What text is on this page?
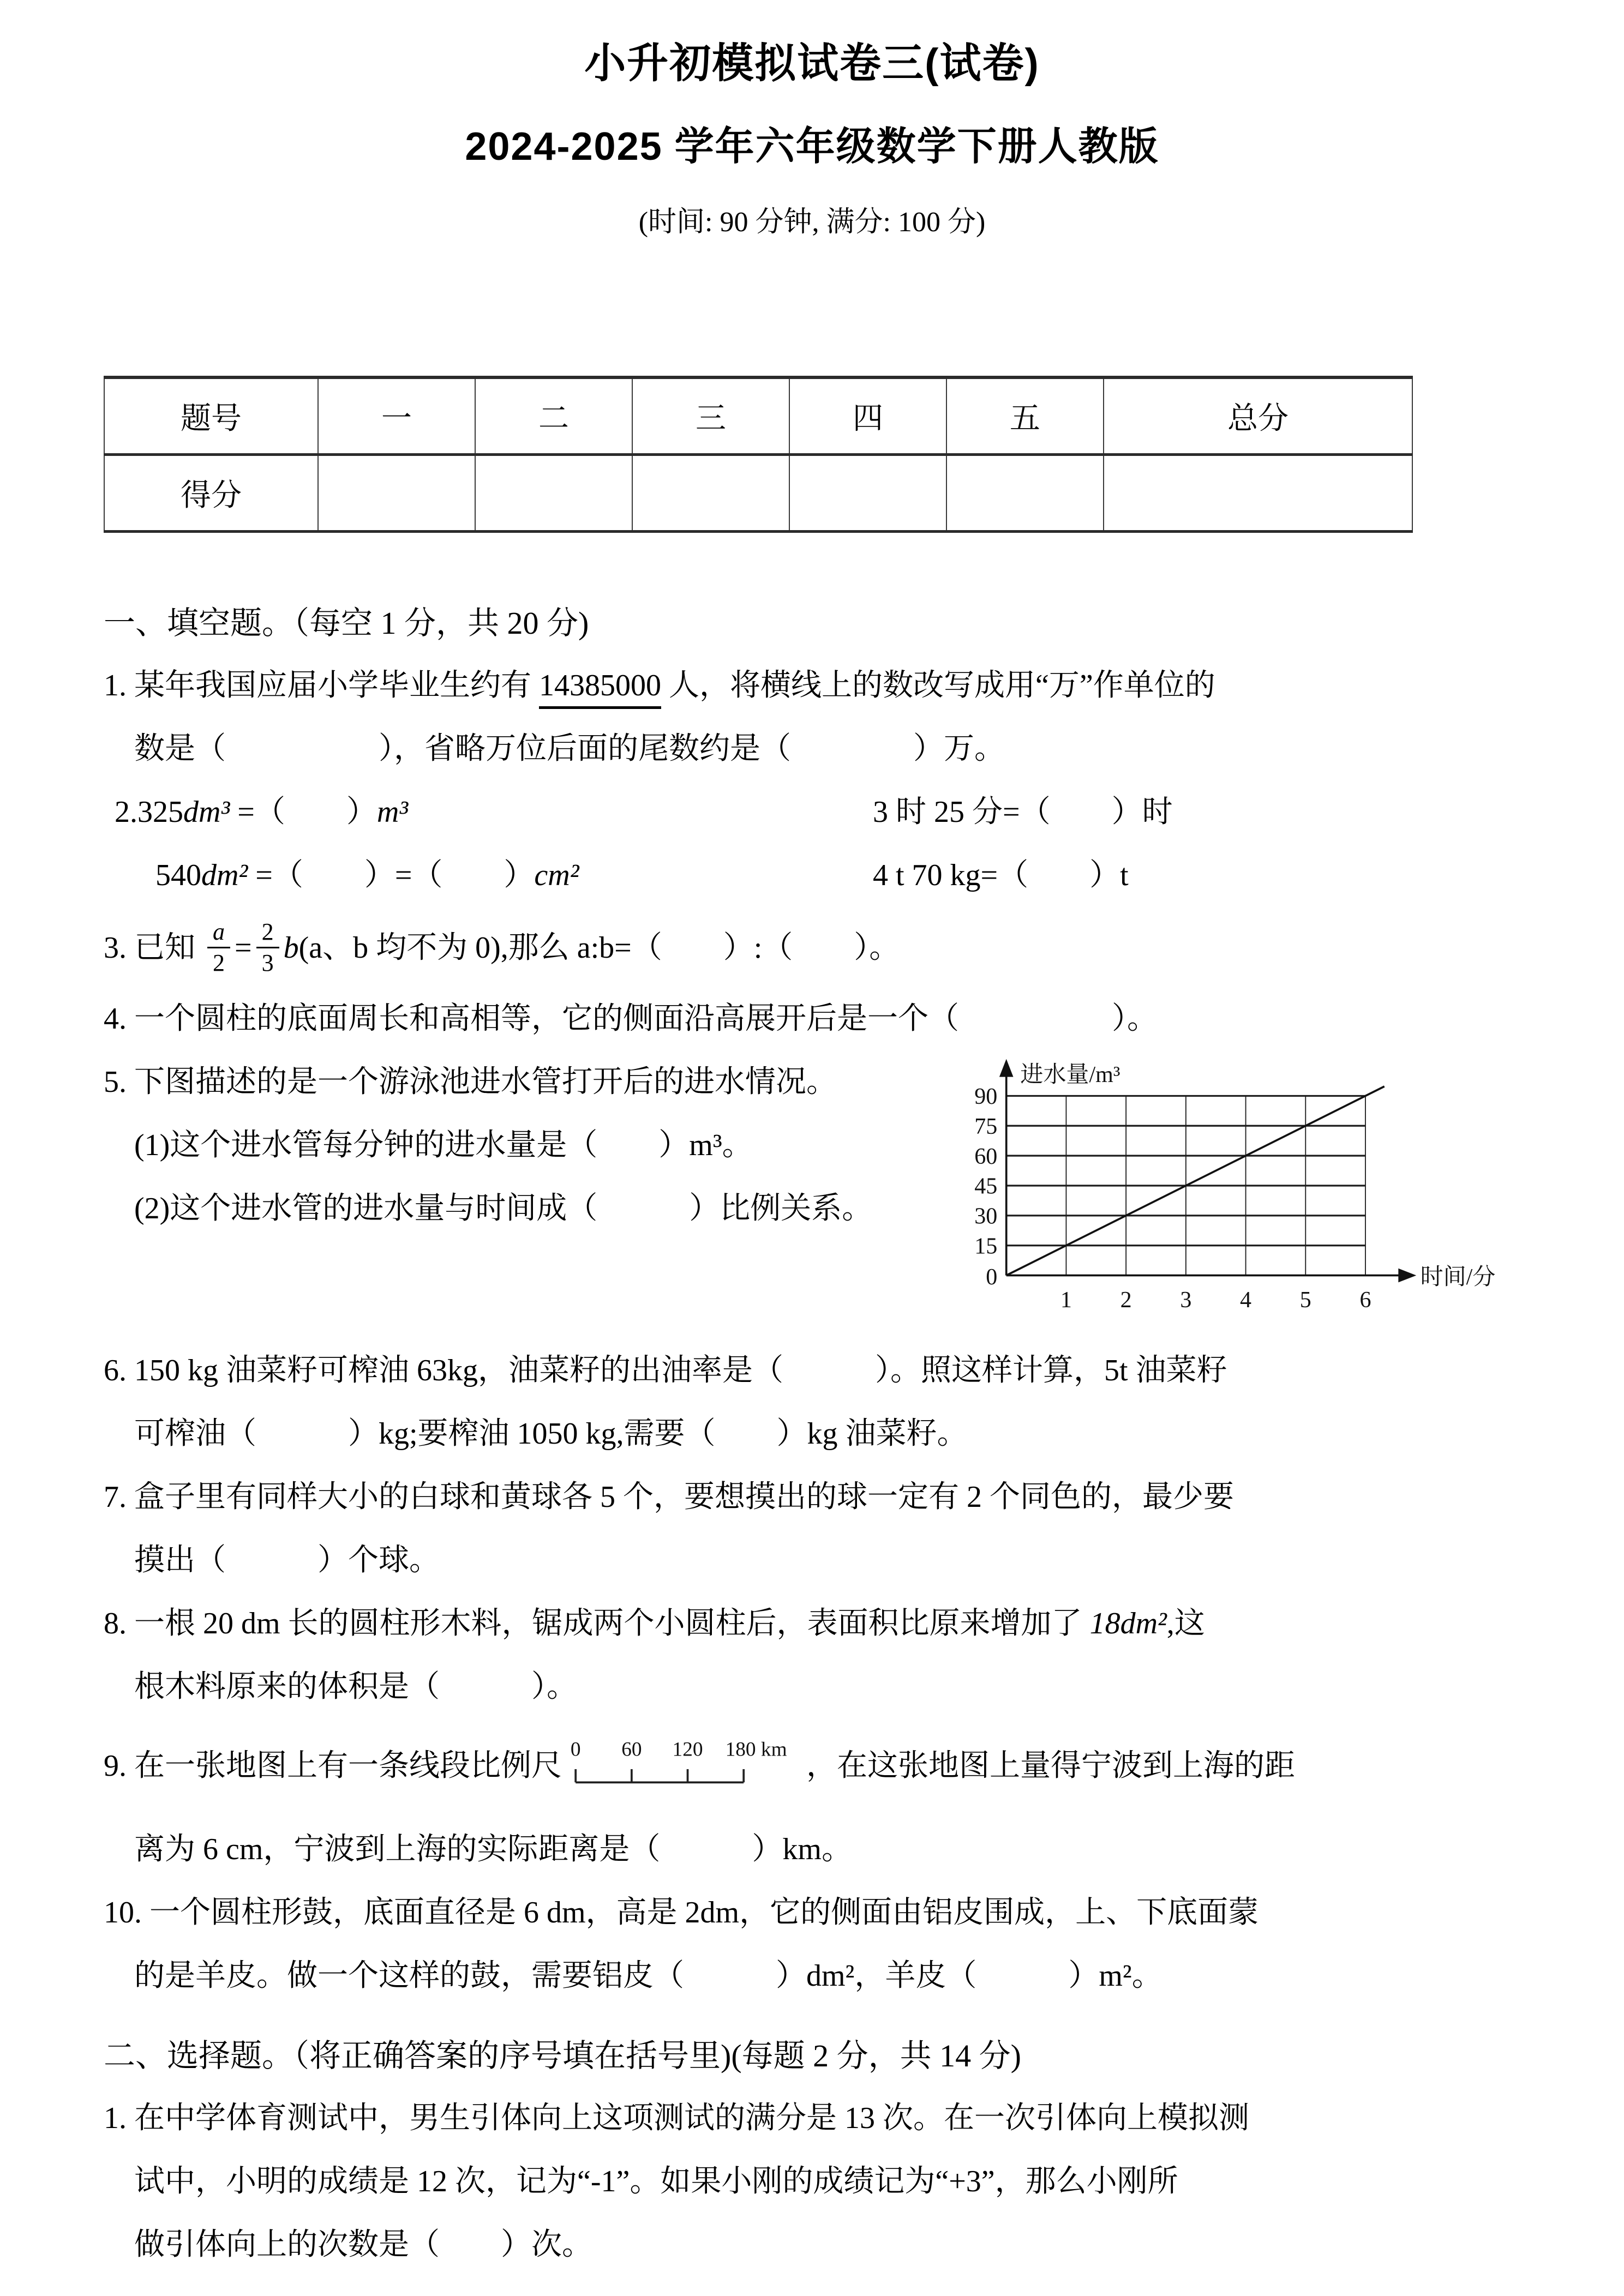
小升初模拟试卷三(试卷)
2024-2025 学年六年级数学下册人教版
(时间: 90 分钟, 满分: 100 分)
题号	一	二	三	四	五	总分
得分						
一、填空题。（每空 1 分，共 20 分)
1. 某年我国应届小学毕业生约有 14385000 人，将横线上的数改写成用“万”作单位的
数是（　　　　　），省略万位后面的尾数约是（　　　　）万。
2.325dm³ =（　　）m³	3 时 25 分=（　　）时
540dm² =（　　）=（　　）cm²	4 t 70 kg=（　　）t
3. 已知 $\frac{a}{2} = \frac{2}{3} b(a$、b 均不为 0),那么 a:b=（　　）:（　　）。
4. 一个圆柱的底面周长和高相等，它的侧面沿高展开后是一个（　　　　　）。
5. 下图描述的是一个游泳池进水管打开后的进水情况。
(1)这个进水管每分钟的进水量是（　　）m³。
(2)这个进水管的进水量与时间成（　　　）比例关系。
进水量/m³
时间/分
90
75
60
45
30
15
0
1 2 3 4 5 6
6. 150 kg 油菜籽可榨油 63kg，油菜籽的出油率是（　　　）。照这样计算，5t 油菜籽
可榨油（　　　）kg;要榨油 1050 kg,需要（　　）kg 油菜籽。
7. 盒子里有同样大小的白球和黄球各 5 个，要想摸出的球一定有 2 个同色的，最少要
摸出（　　　）个球。
8. 一根 20 dm 长的圆柱形木料，锯成两个小圆柱后，表面积比原来增加了 18dm²,这
根木料原来的体积是（　　　）。
9. 在一张地图上有一条线段比例尺 0 60 120 180 km ，在这张地图上量得宁波到上海的距
离为 6 cm，宁波到上海的实际距离是（　　　）km。
10. 一个圆柱形鼓，底面直径是 6 dm，高是 2dm，它的侧面由铝皮围成，上、下底面蒙
的是羊皮。做一个这样的鼓，需要铝皮（　　　）dm²，羊皮（　　　）m²。
二、选择题。（将正确答案的序号填在括号里)(每题 2 分，共 14 分)
1. 在中学体育测试中，男生引体向上这项测试的满分是 13 次。在一次引体向上模拟测
试中，小明的成绩是 12 次，记为“-1”。如果小刚的成绩记为“+3”，那么小刚所
做引体向上的次数是（　　）次。
